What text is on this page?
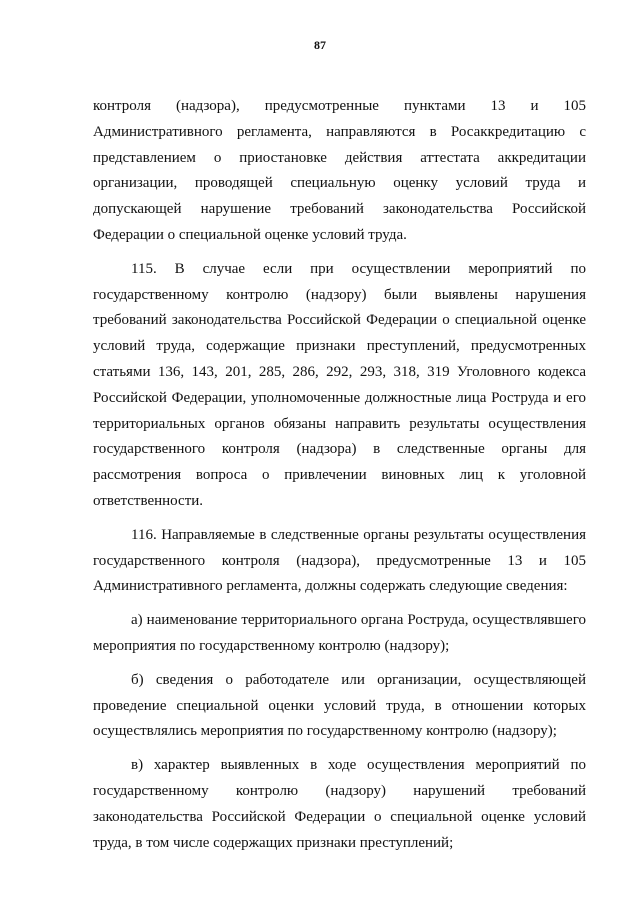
87

контроля (надзора), предусмотренные пунктами 13 и 105 Административного регламента, направляются в Росаккредитацию с представлением о приостановке действия аттестата аккредитации организации, проводящей специальную оценку условий труда и допускающей нарушение требований законодательства Российской Федерации о специальной оценке условий труда.

115. В случае если при осуществлении мероприятий по государственному контролю (надзору) были выявлены нарушения требований законодательства Российской Федерации о специальной оценке условий труда, содержащие признаки преступлений, предусмотренных статьями 136, 143, 201, 285, 286, 292, 293, 318, 319 Уголовного кодекса Российской Федерации, уполномоченные должностные лица Роструда и его территориальных органов обязаны направить результаты осуществления государственного контроля (надзора) в следственные органы для рассмотрения вопроса о привлечении виновных лиц к уголовной ответственности.

116. Направляемые в следственные органы результаты осуществления государственного контроля (надзора), предусмотренные 13 и 105 Административного регламента, должны содержать следующие сведения:

а) наименование территориального органа Роструда, осуществлявшего мероприятия по государственному контролю (надзору);

б) сведения о работодателе или организации, осуществляющей проведение специальной оценки условий труда, в отношении которых осуществлялись мероприятия по государственному контролю (надзору);

в) характер выявленных в ходе осуществления мероприятий по государственному контролю (надзору) нарушений требований законодательства Российской Федерации о специальной оценке условий труда, в том числе содержащих признаки преступлений;
